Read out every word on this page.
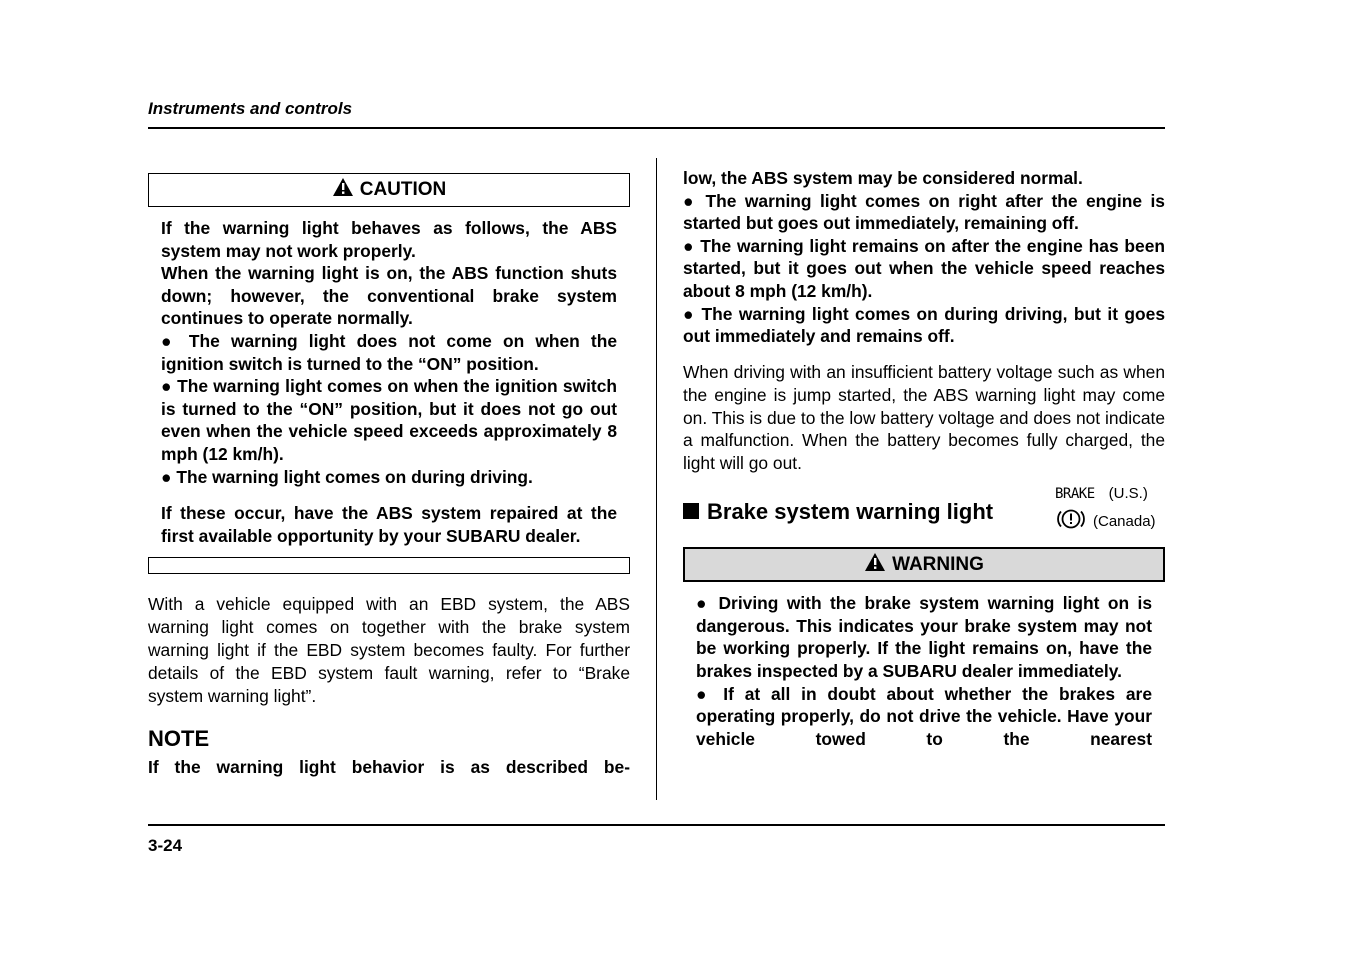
Instruments and controls
CAUTION

If the warning light behaves as follows, the ABS system may not work properly.

When the warning light is on, the ABS function shuts down; however, the conventional brake system continues to operate normally.

● The warning light does not come on when the ignition switch is turned to the “ON” position.

● The warning light comes on when the ignition switch is turned to the “ON” position, but it does not go out even when the vehicle speed exceeds approximately 8 mph (12 km/h).

● The warning light comes on during driving.

If these occur, have the ABS system repaired at the first available opportunity by your SUBARU dealer.

With a vehicle equipped with an EBD system, the ABS warning light comes on together with the brake system warning light if the EBD system becomes faulty. For further details of the EBD system fault warning, refer to “Brake system warning light”.

NOTE

If the warning light behavior is as described be-

low, the ABS system may be considered normal.

● The warning light comes on right after the engine is started but goes out immediately, remaining off.

● The warning light remains on after the engine has been started, but it goes out when the vehicle speed reaches about 8 mph (12 km/h).

● The warning light comes on during driving, but it goes out immediately and remains off.

When driving with an insufficient battery voltage such as when the engine is jump started, the ABS warning light may come on. This is due to the low battery voltage and does not indicate a malfunction. When the battery becomes fully charged, the light will go out.

Brake system warning light
BRAKE (U.S.)
(Canada)
WARNING

● Driving with the brake system warning light on is dangerous. This indicates your brake system may not be working properly. If the light remains on, have the brakes inspected by a SUBARU dealer immediately.

● If at all in doubt about whether the brakes are operating properly, do not drive the vehicle. Have your vehicle towed to the nearest

3-24
